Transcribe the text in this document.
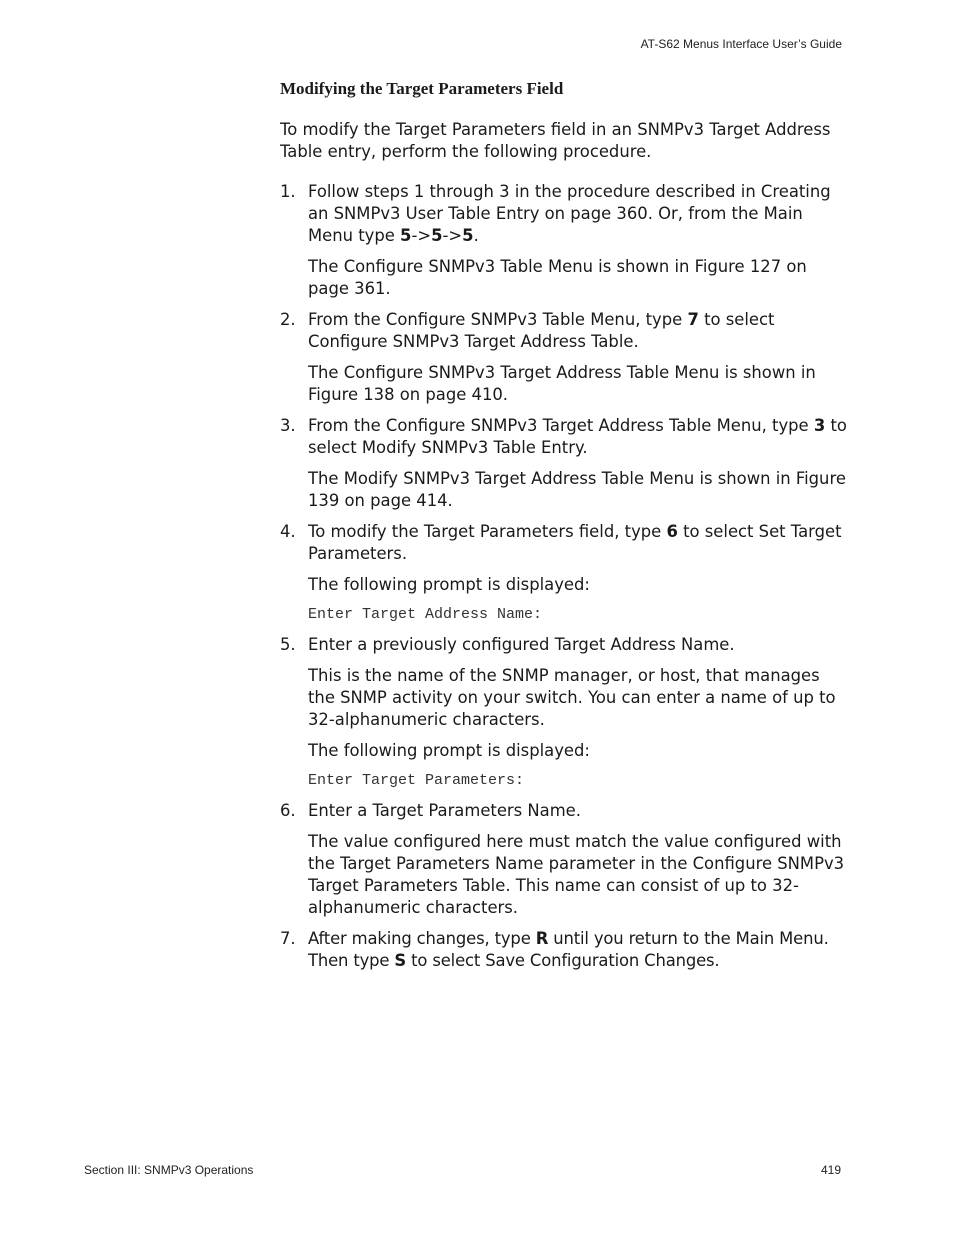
AT-S62 Menus Interface User’s Guide
Modifying the Target Parameters Field

To modify the Target Parameters field in an SNMPv3 Target Address Table entry, perform the following procedure.

1. Follow steps 1 through 3 in the procedure described in Creating an SNMPv3 User Table Entry on page 360. Or, from the Main Menu type 5->5->5.

The Configure SNMPv3 Table Menu is shown in Figure 127 on page 361.

2. From the Configure SNMPv3 Table Menu, type 7 to select Configure SNMPv3 Target Address Table.

The Configure SNMPv3 Target Address Table Menu is shown in Figure 138 on page 410.

3. From the Configure SNMPv3 Target Address Table Menu, type 3 to select Modify SNMPv3 Table Entry.

The Modify SNMPv3 Target Address Table Menu is shown in Figure 139 on page 414.

4. To modify the Target Parameters field, type 6 to select Set Target Parameters.

The following prompt is displayed:

Enter Target Address Name:
5. Enter a previously configured Target Address Name.

This is the name of the SNMP manager, or host, that manages the SNMP activity on your switch. You can enter a name of up to 32-alphanumeric characters.

The following prompt is displayed:

Enter Target Parameters:
6. Enter a Target Parameters Name.

The value configured here must match the value configured with the Target Parameters Name parameter in the Configure SNMPv3 Target Parameters Table. This name can consist of up to 32-alphanumeric characters.

7. After making changes, type R until you return to the Main Menu. Then type S to select Save Configuration Changes.

Section III: SNMPv3 Operations	419
